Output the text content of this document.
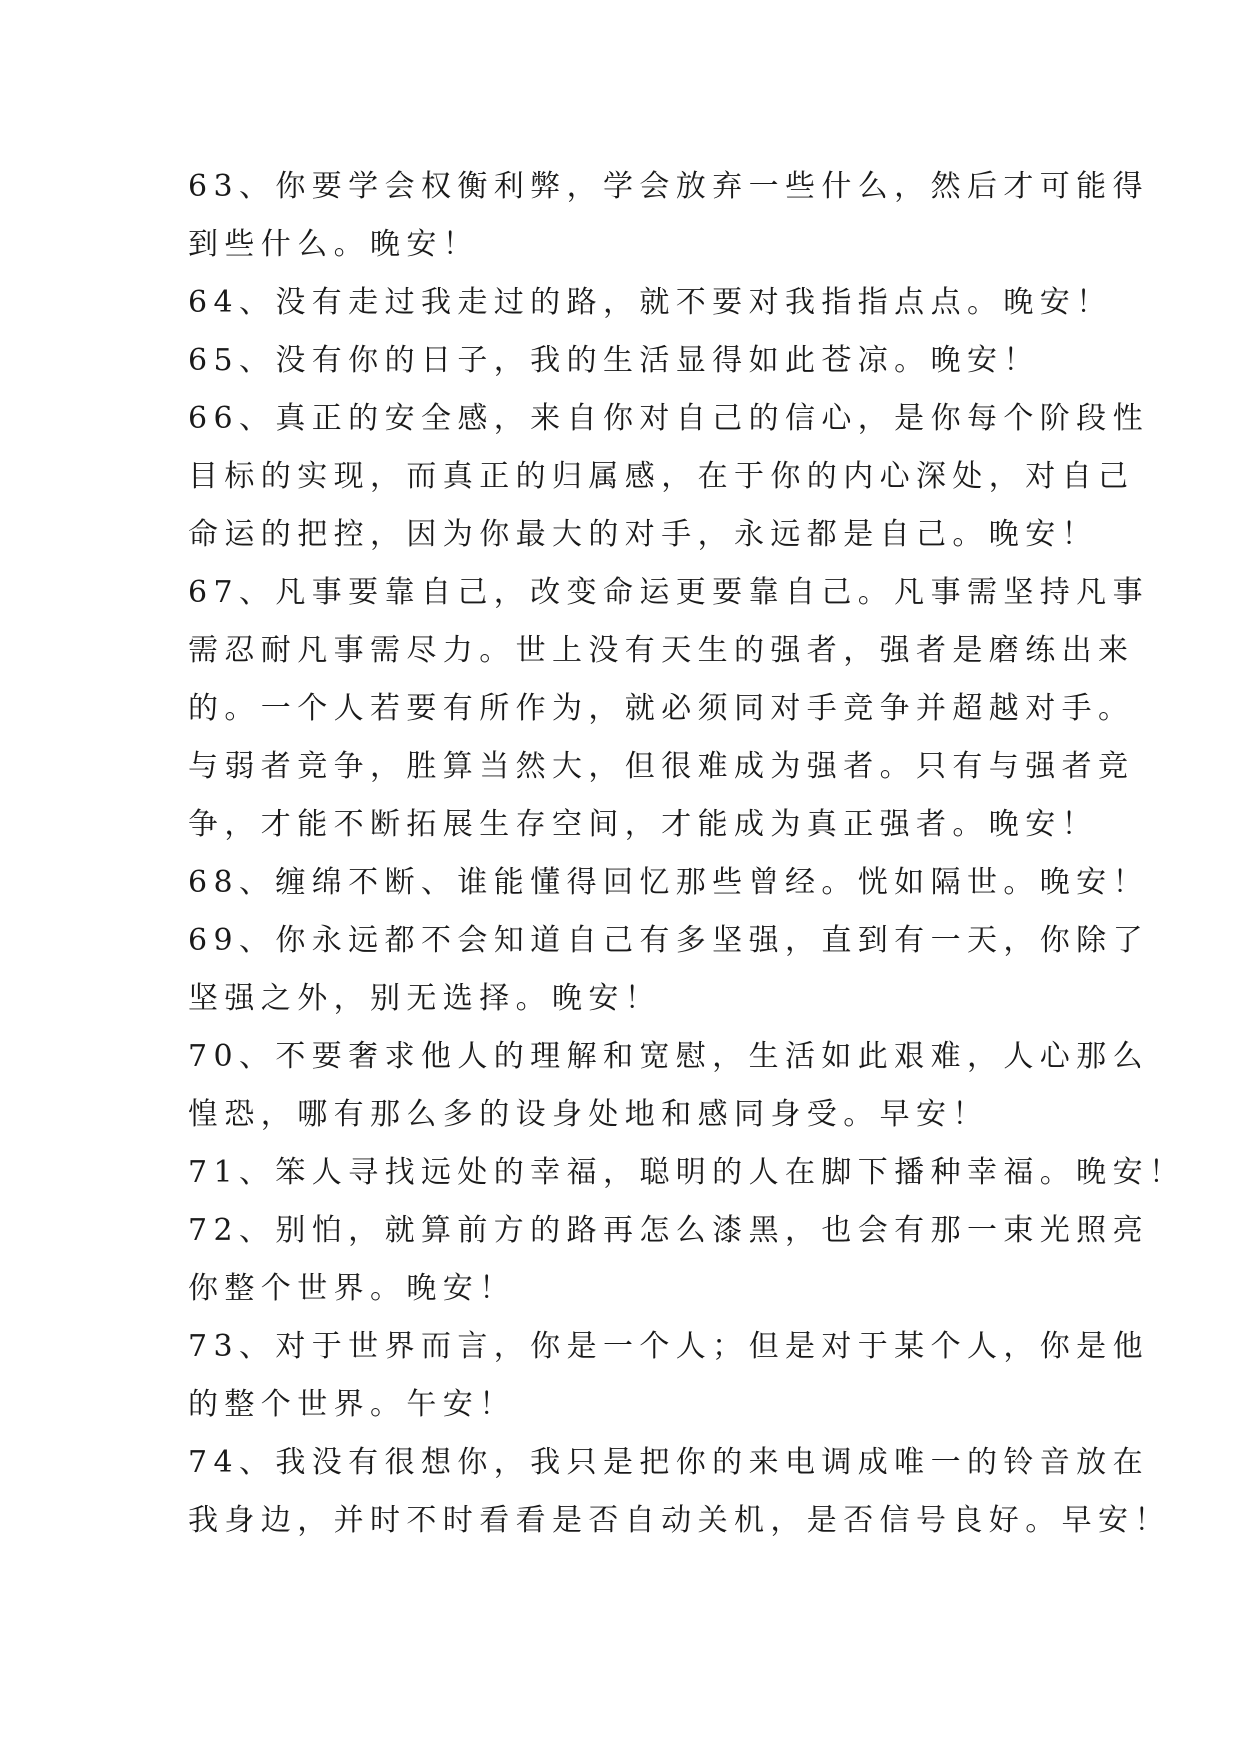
63、你要学会权衡利弊，学会放弃一些什么，然后才可能得
到些什么。晚安！
64、没有走过我走过的路，就不要对我指指点点。晚安！
65、没有你的日子，我的生活显得如此苍凉。晚安！
66、真正的安全感，来自你对自己的信心，是你每个阶段性
目标的实现，而真正的归属感，在于你的内心深处，对自己
命运的把控，因为你最大的对手，永远都是自己。晚安！
67、凡事要靠自己，改变命运更要靠自己。凡事需坚持凡事
需忍耐凡事需尽力。世上没有天生的强者，强者是磨练出来
的。一个人若要有所作为，就必须同对手竞争并超越对手。
与弱者竞争，胜算当然大，但很难成为强者。只有与强者竞
争，才能不断拓展生存空间，才能成为真正强者。晚安！
68、缠绵不断、谁能懂得回忆那些曾经。恍如隔世。晚安！
69、你永远都不会知道自己有多坚强，直到有一天，你除了
坚强之外，别无选择。晚安！
70、不要奢求他人的理解和宽慰，生活如此艰难，人心那么
惶恐，哪有那么多的设身处地和感同身受。早安！
71、笨人寻找远处的幸福，聪明的人在脚下播种幸福。晚安！
72、别怕，就算前方的路再怎么漆黑，也会有那一束光照亮
你整个世界。晚安！
73、对于世界而言，你是一个人；但是对于某个人，你是他
的整个世界。午安！
74、我没有很想你，我只是把你的来电调成唯一的铃音放在
我身边，并时不时看看是否自动关机，是否信号良好。早安！
